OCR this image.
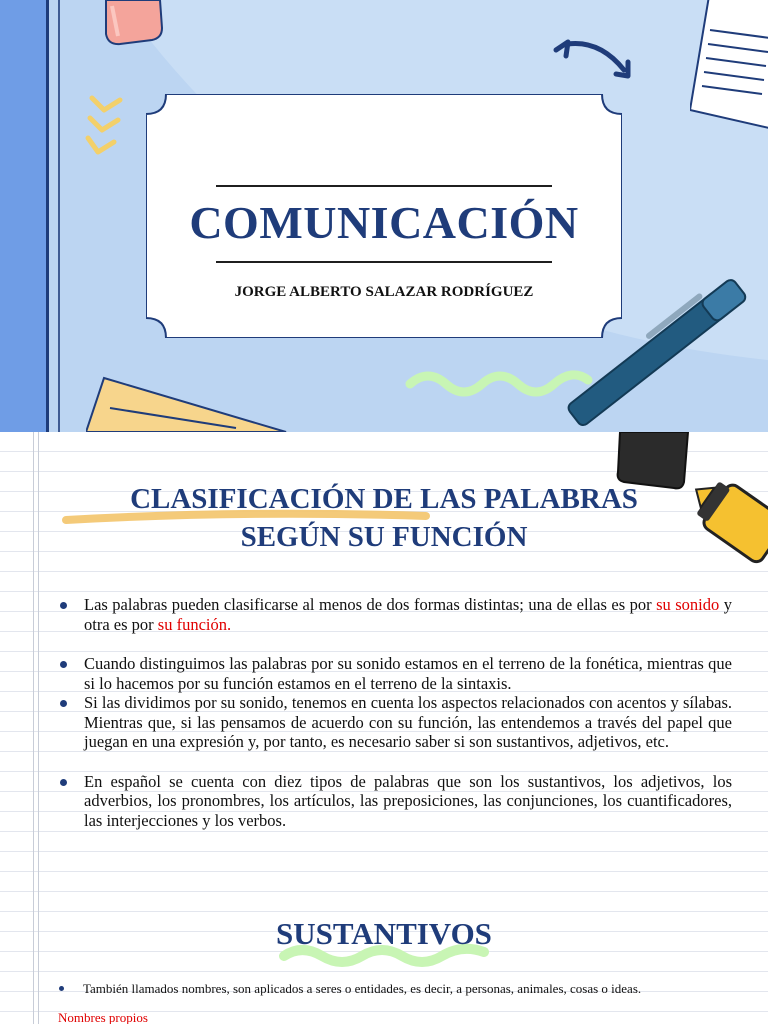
COMUNICACIÓN
JORGE ALBERTO SALAZAR RODRÍGUEZ
CLASIFICACIÓN DE LAS PALABRAS
SEGÚN SU FUNCIÓN
Las palabras pueden clasificarse al menos de dos formas distintas; una de ellas es por su sonido y otra es por su función.
Cuando distinguimos las palabras por su sonido estamos en el terreno de la fonética, mientras que si lo hacemos por su función estamos en el terreno de la sintaxis.
Si las dividimos por su sonido, tenemos en cuenta los aspectos relacionados con acentos y sílabas. Mientras que, si las pensamos de acuerdo con su función, las entendemos a través del papel que juegan en una expresión y, por tanto, es necesario saber si son sustantivos, adjetivos, etc.
En español se cuenta con diez tipos de palabras que son los sustantivos, los adjetivos, los adverbios, los pronombres, los artículos, las preposiciones, las conjunciones, los cuantificadores, las interjecciones y los verbos.
SUSTANTIVOS
También llamados nombres, son aplicados a seres o entidades, es decir, a personas, animales, cosas o ideas.
Nombres propios
